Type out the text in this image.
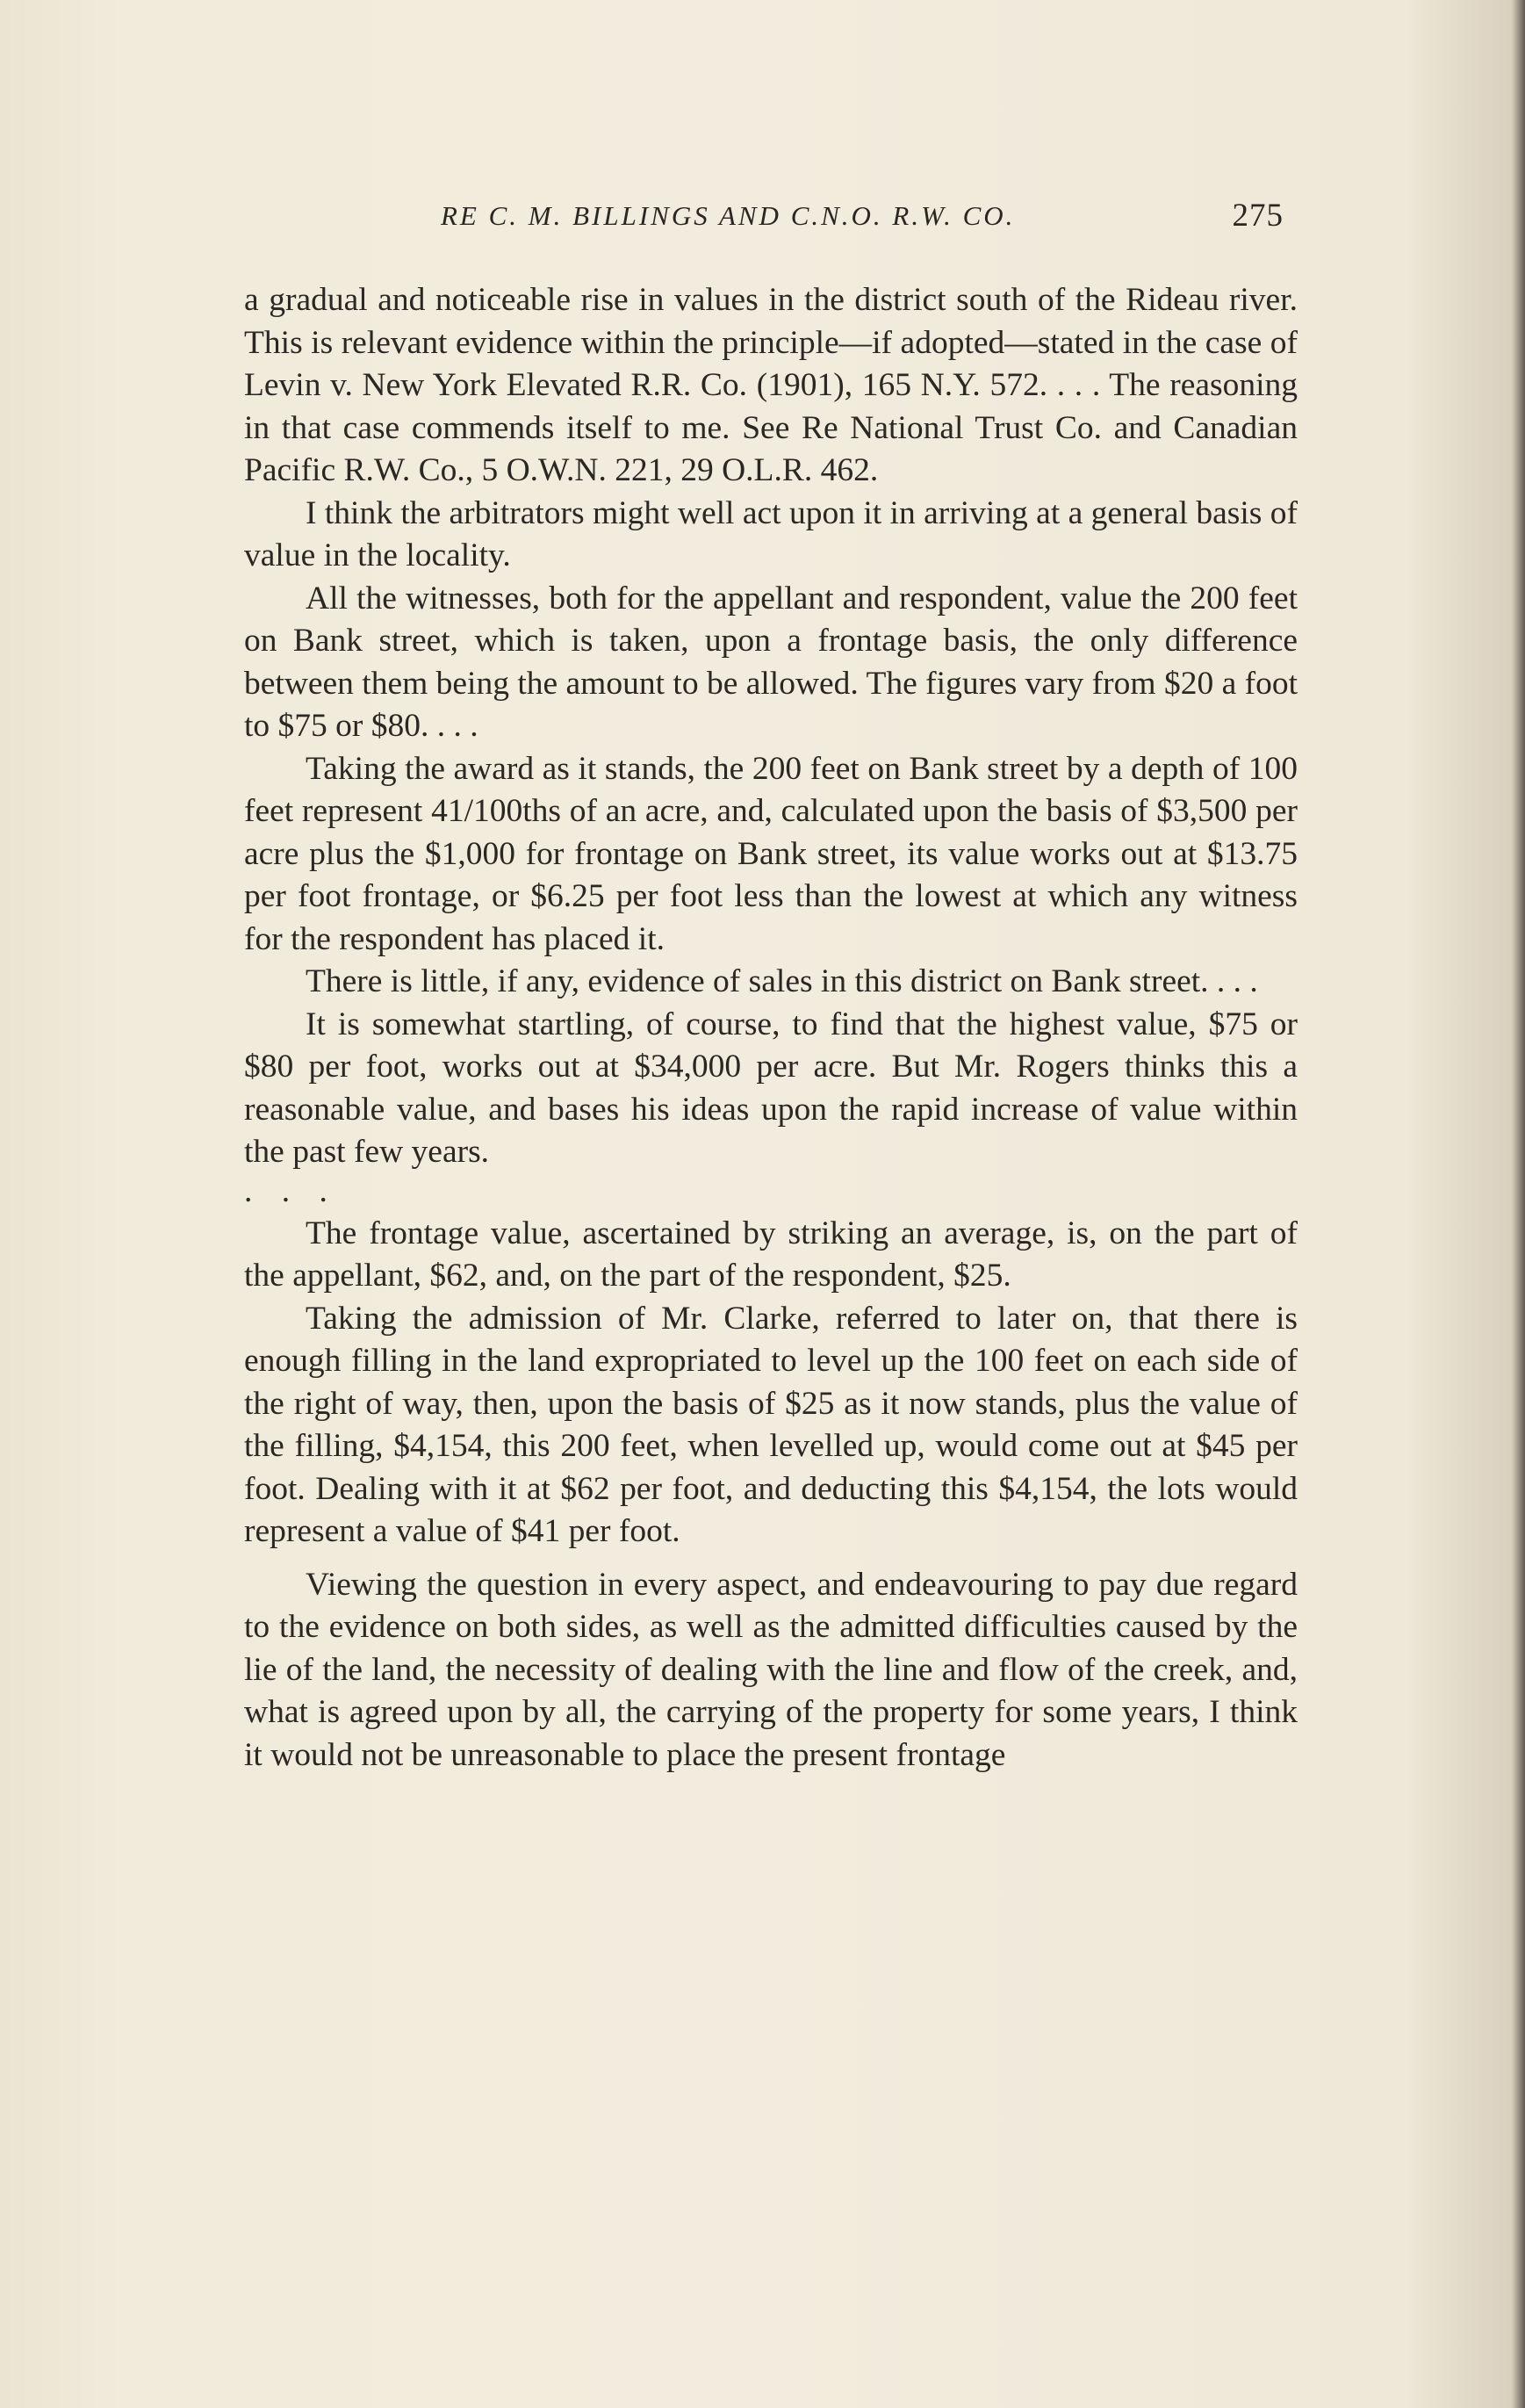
RE C. M. BILLINGS AND C.N.O. R.W. CO.	275

a gradual and noticeable rise in values in the district south of the Rideau river. This is relevant evidence within the principle—if adopted—stated in the case of Levin v. New York Elevated R.R. Co. (1901), 165 N.Y. 572. . . . The reasoning in that case commends itself to me. See Re National Trust Co. and Canadian Pacific R.W. Co., 5 O.W.N. 221, 29 O.L.R. 462.

I think the arbitrators might well act upon it in arriving at a general basis of value in the locality.

All the witnesses, both for the appellant and respondent, value the 200 feet on Bank street, which is taken, upon a frontage basis, the only difference between them being the amount to be allowed. The figures vary from $20 a foot to $75 or $80. . . .

Taking the award as it stands, the 200 feet on Bank street by a depth of 100 feet represent 41/100ths of an acre, and, calculated upon the basis of $3,500 per acre plus the $1,000 for frontage on Bank street, its value works out at $13.75 per foot frontage, or $6.25 per foot less than the lowest at which any witness for the respondent has placed it.

There is little, if any, evidence of sales in this district on Bank street. . . .

It is somewhat startling, of course, to find that the highest value, $75 or $80 per foot, works out at $34,000 per acre. But Mr. Rogers thinks this a reasonable value, and bases his ideas upon the rapid increase of value within the past few years.

. . .

The frontage value, ascertained by striking an average, is, on the part of the appellant, $62, and, on the part of the respondent, $25.

Taking the admission of Mr. Clarke, referred to later on, that there is enough filling in the land expropriated to level up the 100 feet on each side of the right of way, then, upon the basis of $25 as it now stands, plus the value of the filling, $4,154, this 200 feet, when levelled up, would come out at $45 per foot. Dealing with it at $62 per foot, and deducting this $4,154, the lots would represent a value of $41 per foot.

Viewing the question in every aspect, and endeavouring to pay due regard to the evidence on both sides, as well as the admitted difficulties caused by the lie of the land, the necessity of dealing with the line and flow of the creek, and, what is agreed upon by all, the carrying of the property for some years, I think it would not be unreasonable to place the present frontage
